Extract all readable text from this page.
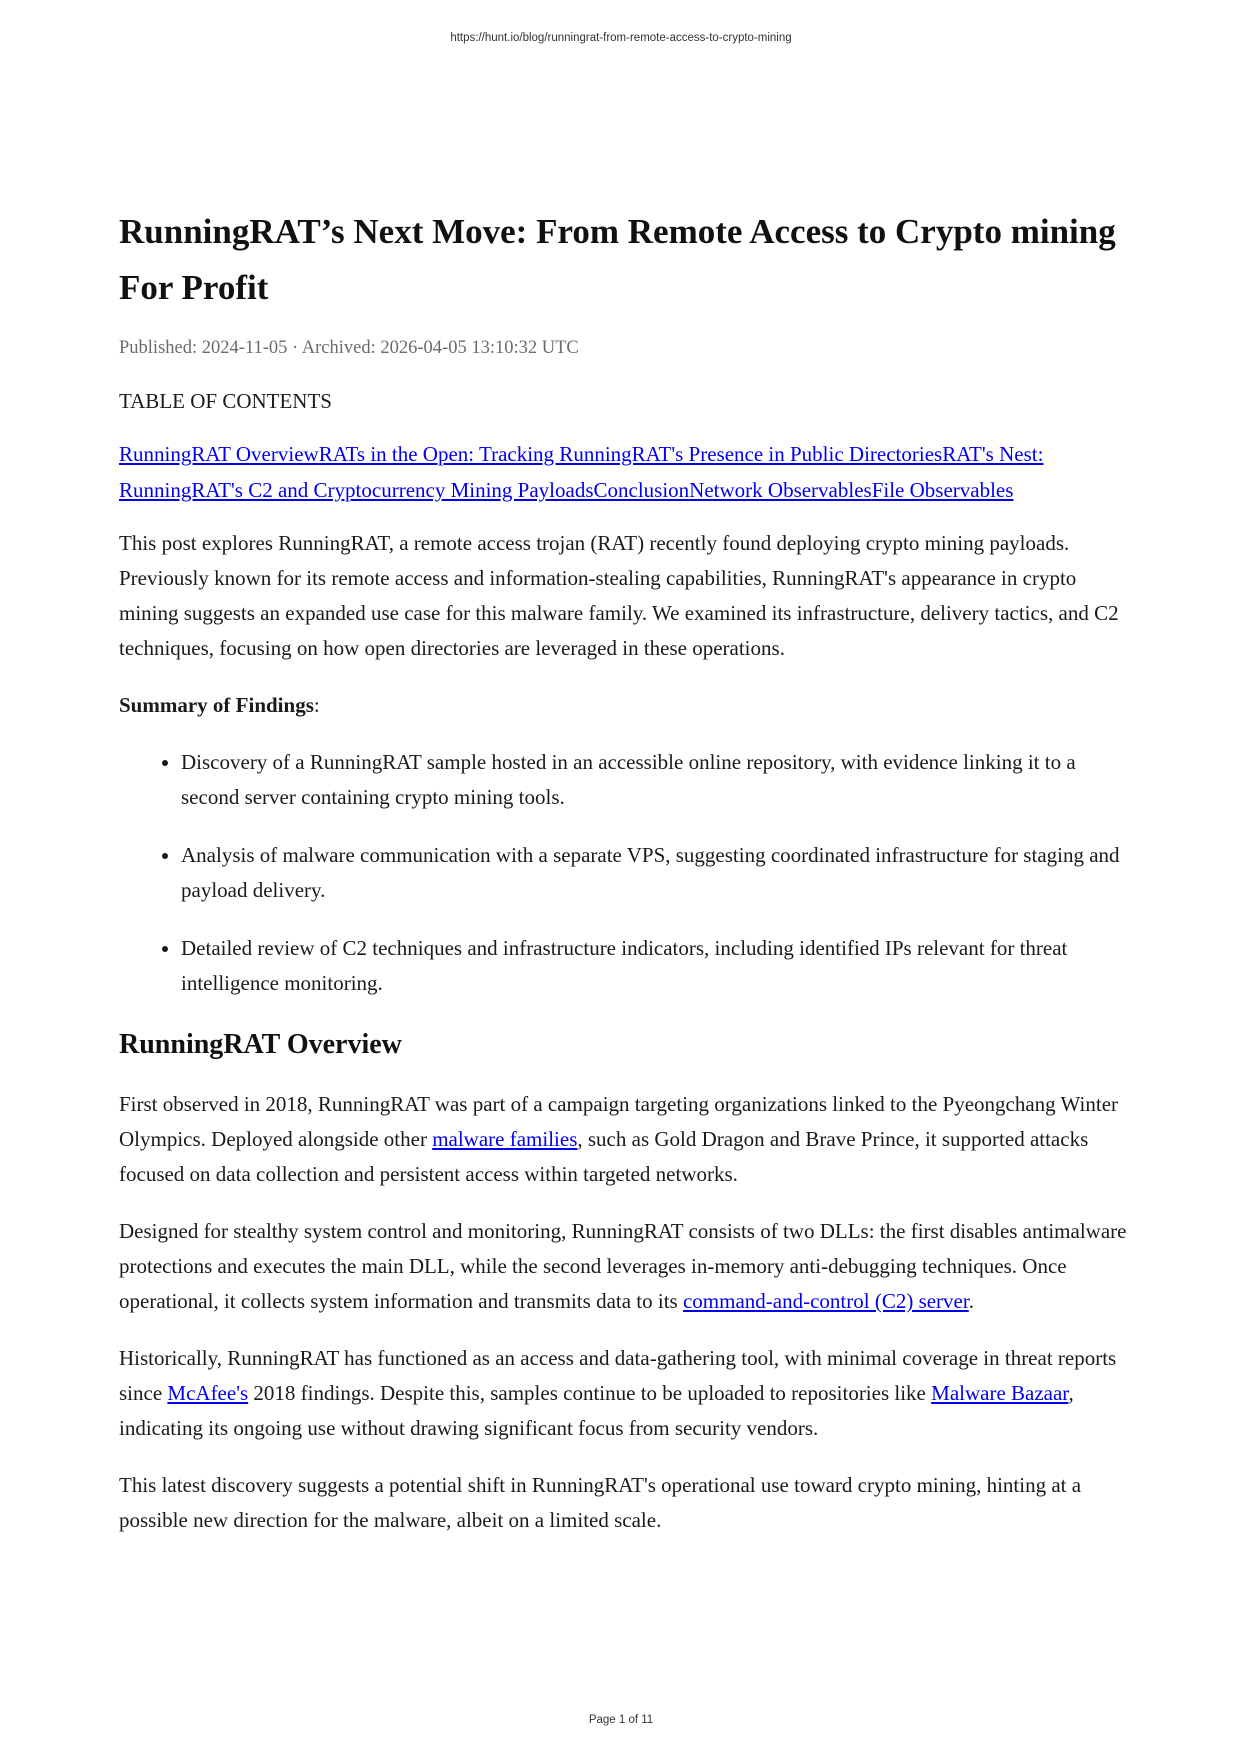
https://hunt.io/blog/runningrat-from-remote-access-to-crypto-mining
RunningRAT’s Next Move: From Remote Access to Crypto mining For Profit
Published: 2024-11-05 · Archived: 2026-04-05 13:10:32 UTC
TABLE OF CONTENTS
RunningRAT OverviewRATs in the Open: Tracking RunningRAT's Presence in Public DirectoriesRAT's Nest: RunningRAT's C2 and Cryptocurrency Mining PayloadsConclusionNetwork ObservablesFile Observables

This post explores RunningRAT, a remote access trojan (RAT) recently found deploying crypto mining payloads. Previously known for its remote access and information-stealing capabilities, RunningRAT's appearance in crypto mining suggests an expanded use case for this malware family. We examined its infrastructure, delivery tactics, and C2 techniques, focusing on how open directories are leveraged in these operations.

Summary of Findings:

• Discovery of a RunningRAT sample hosted in an accessible online repository, with evidence linking it to a second server containing crypto mining tools.
• Analysis of malware communication with a separate VPS, suggesting coordinated infrastructure for staging and payload delivery.
• Detailed review of C2 techniques and infrastructure indicators, including identified IPs relevant for threat intelligence monitoring.
RunningRAT Overview

First observed in 2018, RunningRAT was part of a campaign targeting organizations linked to the Pyeongchang Winter Olympics. Deployed alongside other malware families, such as Gold Dragon and Brave Prince, it supported attacks focused on data collection and persistent access within targeted networks.

Designed for stealthy system control and monitoring, RunningRAT consists of two DLLs: the first disables antimalware protections and executes the main DLL, while the second leverages in-memory anti-debugging techniques. Once operational, it collects system information and transmits data to its command-and-control (C2) server.

Historically, RunningRAT has functioned as an access and data-gathering tool, with minimal coverage in threat reports since McAfee's 2018 findings. Despite this, samples continue to be uploaded to repositories like Malware Bazaar, indicating its ongoing use without drawing significant focus from security vendors.

This latest discovery suggests a potential shift in RunningRAT's operational use toward crypto mining, hinting at a possible new direction for the malware, albeit on a limited scale.

Page 1 of 11
